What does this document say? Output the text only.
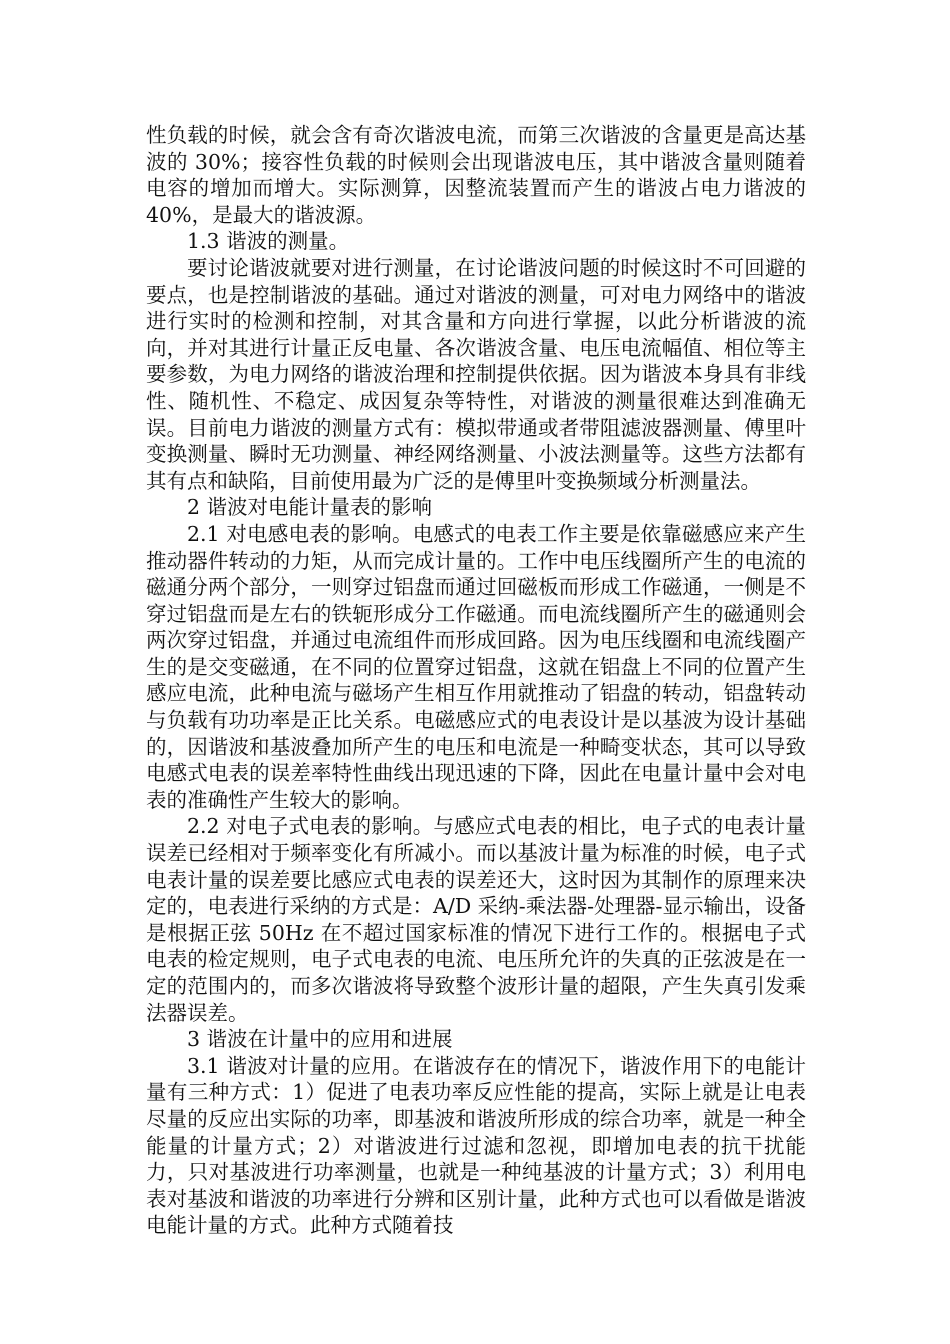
性负载的时候，就会含有奇次谐波电流，而第三次谐波的含量更是高达基波的 30%；接容性负载的时候则会出现谐波电压，其中谐波含量则随着电容的增加而增大。实际测算，因整流装置而产生的谐波占电力谐波的 40%，是最大的谐波源。

1.3 谐波的测量。

要讨论谐波就要对进行测量，在讨论谐波问题的时候这时不可回避的要点，也是控制谐波的基础。通过对谐波的测量，可对电力网络中的谐波进行实时的检测和控制，对其含量和方向进行掌握，以此分析谐波的流向，并对其进行计量正反电量、各次谐波含量、电压电流幅值、相位等主要参数，为电力网络的谐波治理和控制提供依据。因为谐波本身具有非线性、随机性、不稳定、成因复杂等特性，对谐波的测量很难达到准确无误。目前电力谐波的测量方式有：模拟带通或者带阻滤波器测量、傅里叶变换测量、瞬时无功测量、神经网络测量、小波法测量等。这些方法都有其有点和缺陷，目前使用最为广泛的是傅里叶变换频域分析测量法。

2 谐波对电能计量表的影响

2.1 对电感电表的影响。电感式的电表工作主要是依靠磁感应来产生推动器件转动的力矩，从而完成计量的。工作中电压线圈所产生的电流的磁通分两个部分，一则穿过铝盘而通过回磁板而形成工作磁通，一侧是不穿过铝盘而是左右的铁轭形成分工作磁通。而电流线圈所产生的磁通则会两次穿过铝盘，并通过电流组件而形成回路。因为电压线圈和电流线圈产生的是交变磁通，在不同的位置穿过铝盘，这就在铝盘上不同的位置产生感应电流，此种电流与磁场产生相互作用就推动了铝盘的转动，铝盘转动与负载有功功率是正比关系。电磁感应式的电表设计是以基波为设计基础的，因谐波和基波叠加所产生的电压和电流是一种畸变状态，其可以导致电感式电表的误差率特性曲线出现迅速的下降，因此在电量计量中会对电表的准确性产生较大的影响。

2.2 对电子式电表的影响。与感应式电表的相比，电子式的电表计量误差已经相对于频率变化有所减小。而以基波计量为标准的时候，电子式电表计量的误差要比感应式电表的误差还大，这时因为其制作的原理来决定的，电表进行采纳的方式是：A/D 采纳-乘法器-处理器-显示输出，设备是根据正弦 50Hz 在不超过国家标准的情况下进行工作的。根据电子式电表的检定规则，电子式电表的电流、电压所允许的失真的正弦波是在一定的范围内的，而多次谐波将导致整个波形计量的超限，产生失真引发乘法器误差。

3 谐波在计量中的应用和进展

3.1 谐波对计量的应用。在谐波存在的情况下，谐波作用下的电能计量有三种方式：1）促进了电表功率反应性能的提高，实际上就是让电表尽量的反应出实际的功率，即基波和谐波所形成的综合功率，就是一种全能量的计量方式；2）对谐波进行过滤和忽视，即增加电表的抗干扰能力，只对基波进行功率测量，也就是一种纯基波的计量方式；3）利用电表对基波和谐波的功率进行分辨和区别计量，此种方式也可以看做是谐波电能计量的方式。此种方式随着技
